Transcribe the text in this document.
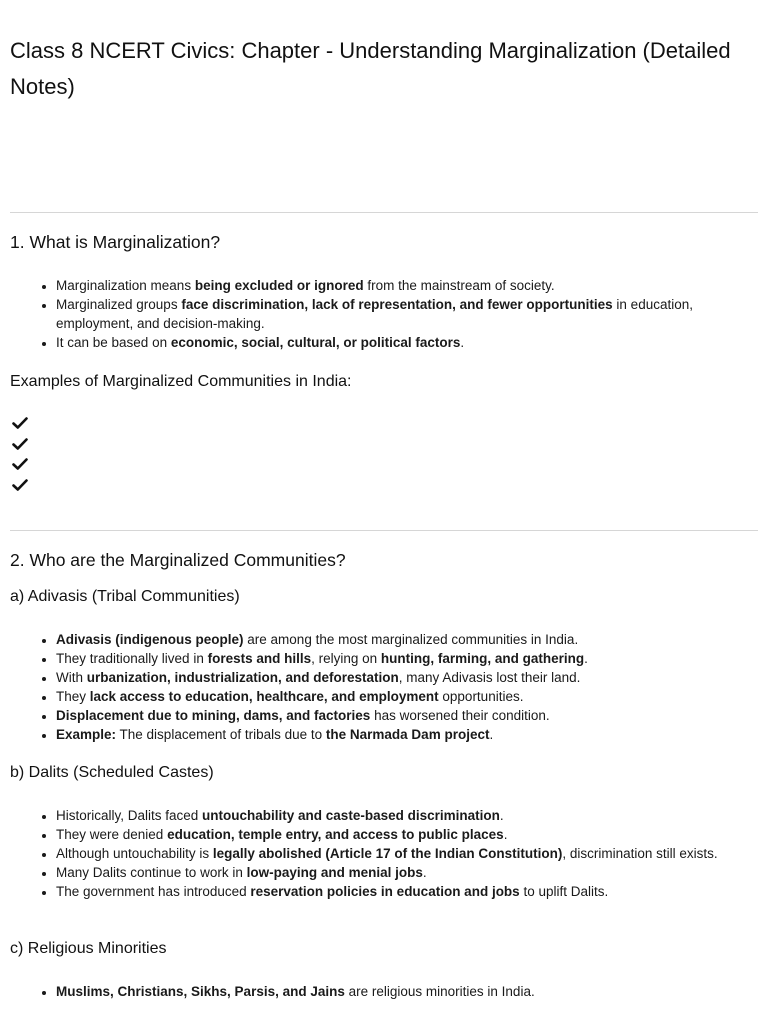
Class 8 NCERT Civics: Chapter - Understanding Marginalization (Detailed Notes)
1. What is Marginalization?
• Marginalization means being excluded or ignored from the mainstream of society.
• Marginalized groups face discrimination, lack of representation, and fewer opportunities in education, employment, and decision-making.
• It can be based on economic, social, cultural, or political factors.
Examples of Marginalized Communities in India:
2. Who are the Marginalized Communities?
a) Adivasis (Tribal Communities)
• Adivasis (indigenous people) are among the most marginalized communities in India.
• They traditionally lived in forests and hills, relying on hunting, farming, and gathering.
• With urbanization, industrialization, and deforestation, many Adivasis lost their land.
• They lack access to education, healthcare, and employment opportunities.
• Displacement due to mining, dams, and factories has worsened their condition.
• Example: The displacement of tribals due to the Narmada Dam project.
b) Dalits (Scheduled Castes)
• Historically, Dalits faced untouchability and caste-based discrimination.
• They were denied education, temple entry, and access to public places.
• Although untouchability is legally abolished (Article 17 of the Indian Constitution), discrimination still exists.
• Many Dalits continue to work in low-paying and menial jobs.
• The government has introduced reservation policies in education and jobs to uplift Dalits.
c) Religious Minorities
• Muslims, Christians, Sikhs, Parsis, and Jains are religious minorities in India.
